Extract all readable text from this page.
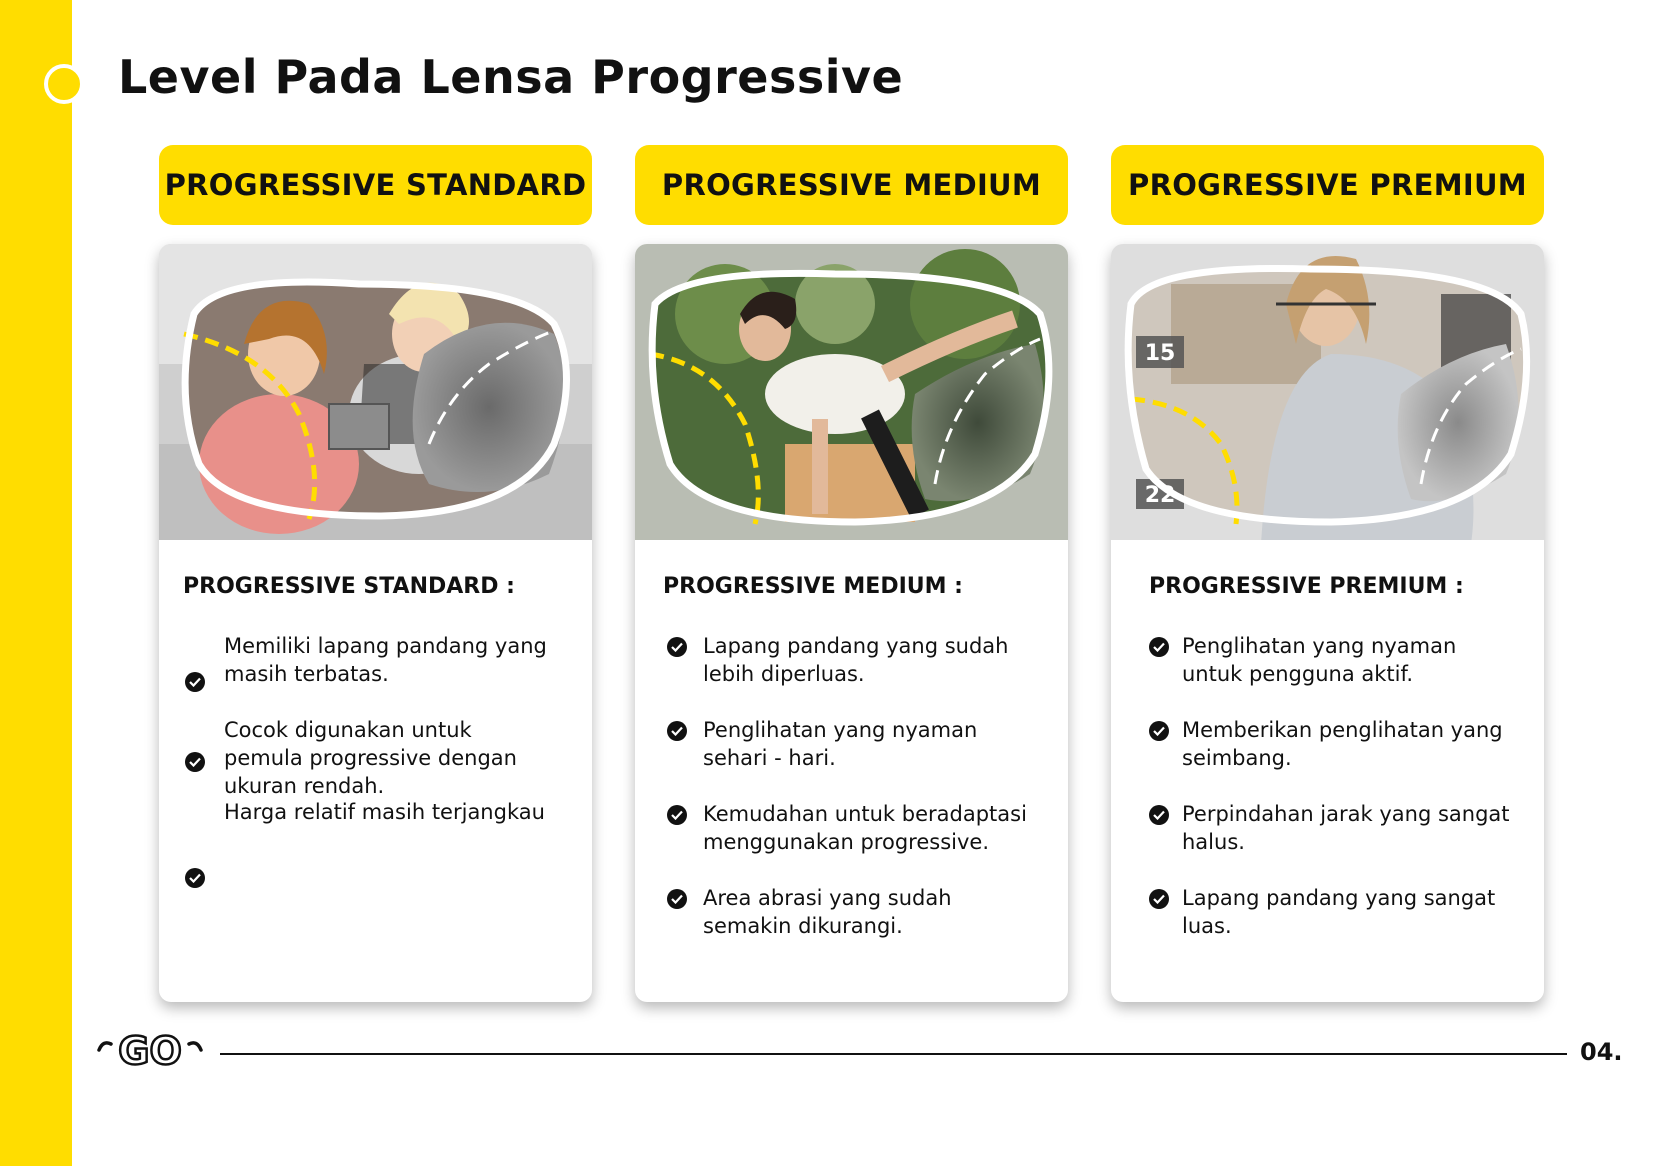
Level Pada Lensa Progressive
PROGRESSIVE STANDARD	PROGRESSIVE MEDIUM	PROGRESSIVE PREMIUM

PROGRESSIVE STANDARD :

Memiliki lapang pandang yang masih terbatas.
Cocok digunakan untuk pemula progressive dengan ukuran rendah.
Harga relatif masih terjangkau

PROGRESSIVE MEDIUM :

Lapang pandang yang sudah lebih diperluas.
Penglihatan yang nyaman sehari - hari.
Kemudahan untuk beradaptasi menggunakan progressive.
Area abrasi yang sudah semakin dikurangi.
15
22

PROGRESSIVE PREMIUM :

Penglihatan yang nyaman untuk pengguna aktif.
Memberikan penglihatan yang seimbang.
Perpindahan jarak yang sangat halus.
Lapang pandang yang sangat luas.
GO	04.
